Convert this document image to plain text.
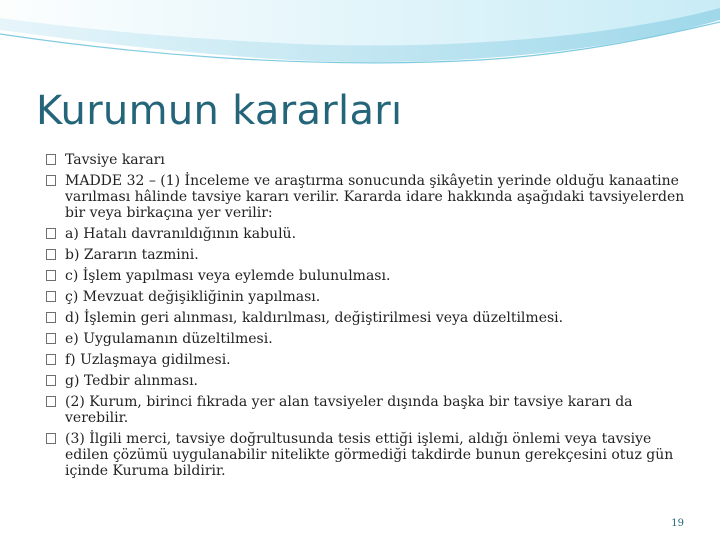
Kurumun kararları
Tavsiye kararı
MADDE 32 – (1) İnceleme ve araştırma sonucunda şikâyetin yerinde olduğu kanaatine varılması hâlinde tavsiye kararı verilir. Kararda idare hakkında aşağıdaki tavsiyelerden bir veya birkaçına yer verilir:
a) Hatalı davranıldığının kabulü.
b) Zararın tazmini.
c) İşlem yapılması veya eylemde bulunulması.
ç) Mevzuat değişikliğinin yapılması.
d) İşlemin geri alınması, kaldırılması, değiştirilmesi veya düzeltilmesi.
e) Uygulamanın düzeltilmesi.
f) Uzlaşmaya gidilmesi.
g) Tedbir alınması.
(2) Kurum, birinci fıkrada yer alan tavsiyeler dışında başka bir tavsiye kararı da verebilir.
(3) İlgili merci, tavsiye doğrultusunda tesis ettiği işlemi, aldığı önlemi veya tavsiye edilen çözümü uygulanabilir nitelikte görmediği takdirde bunun gerekçesini otuz gün içinde Kuruma bildirir.
19
